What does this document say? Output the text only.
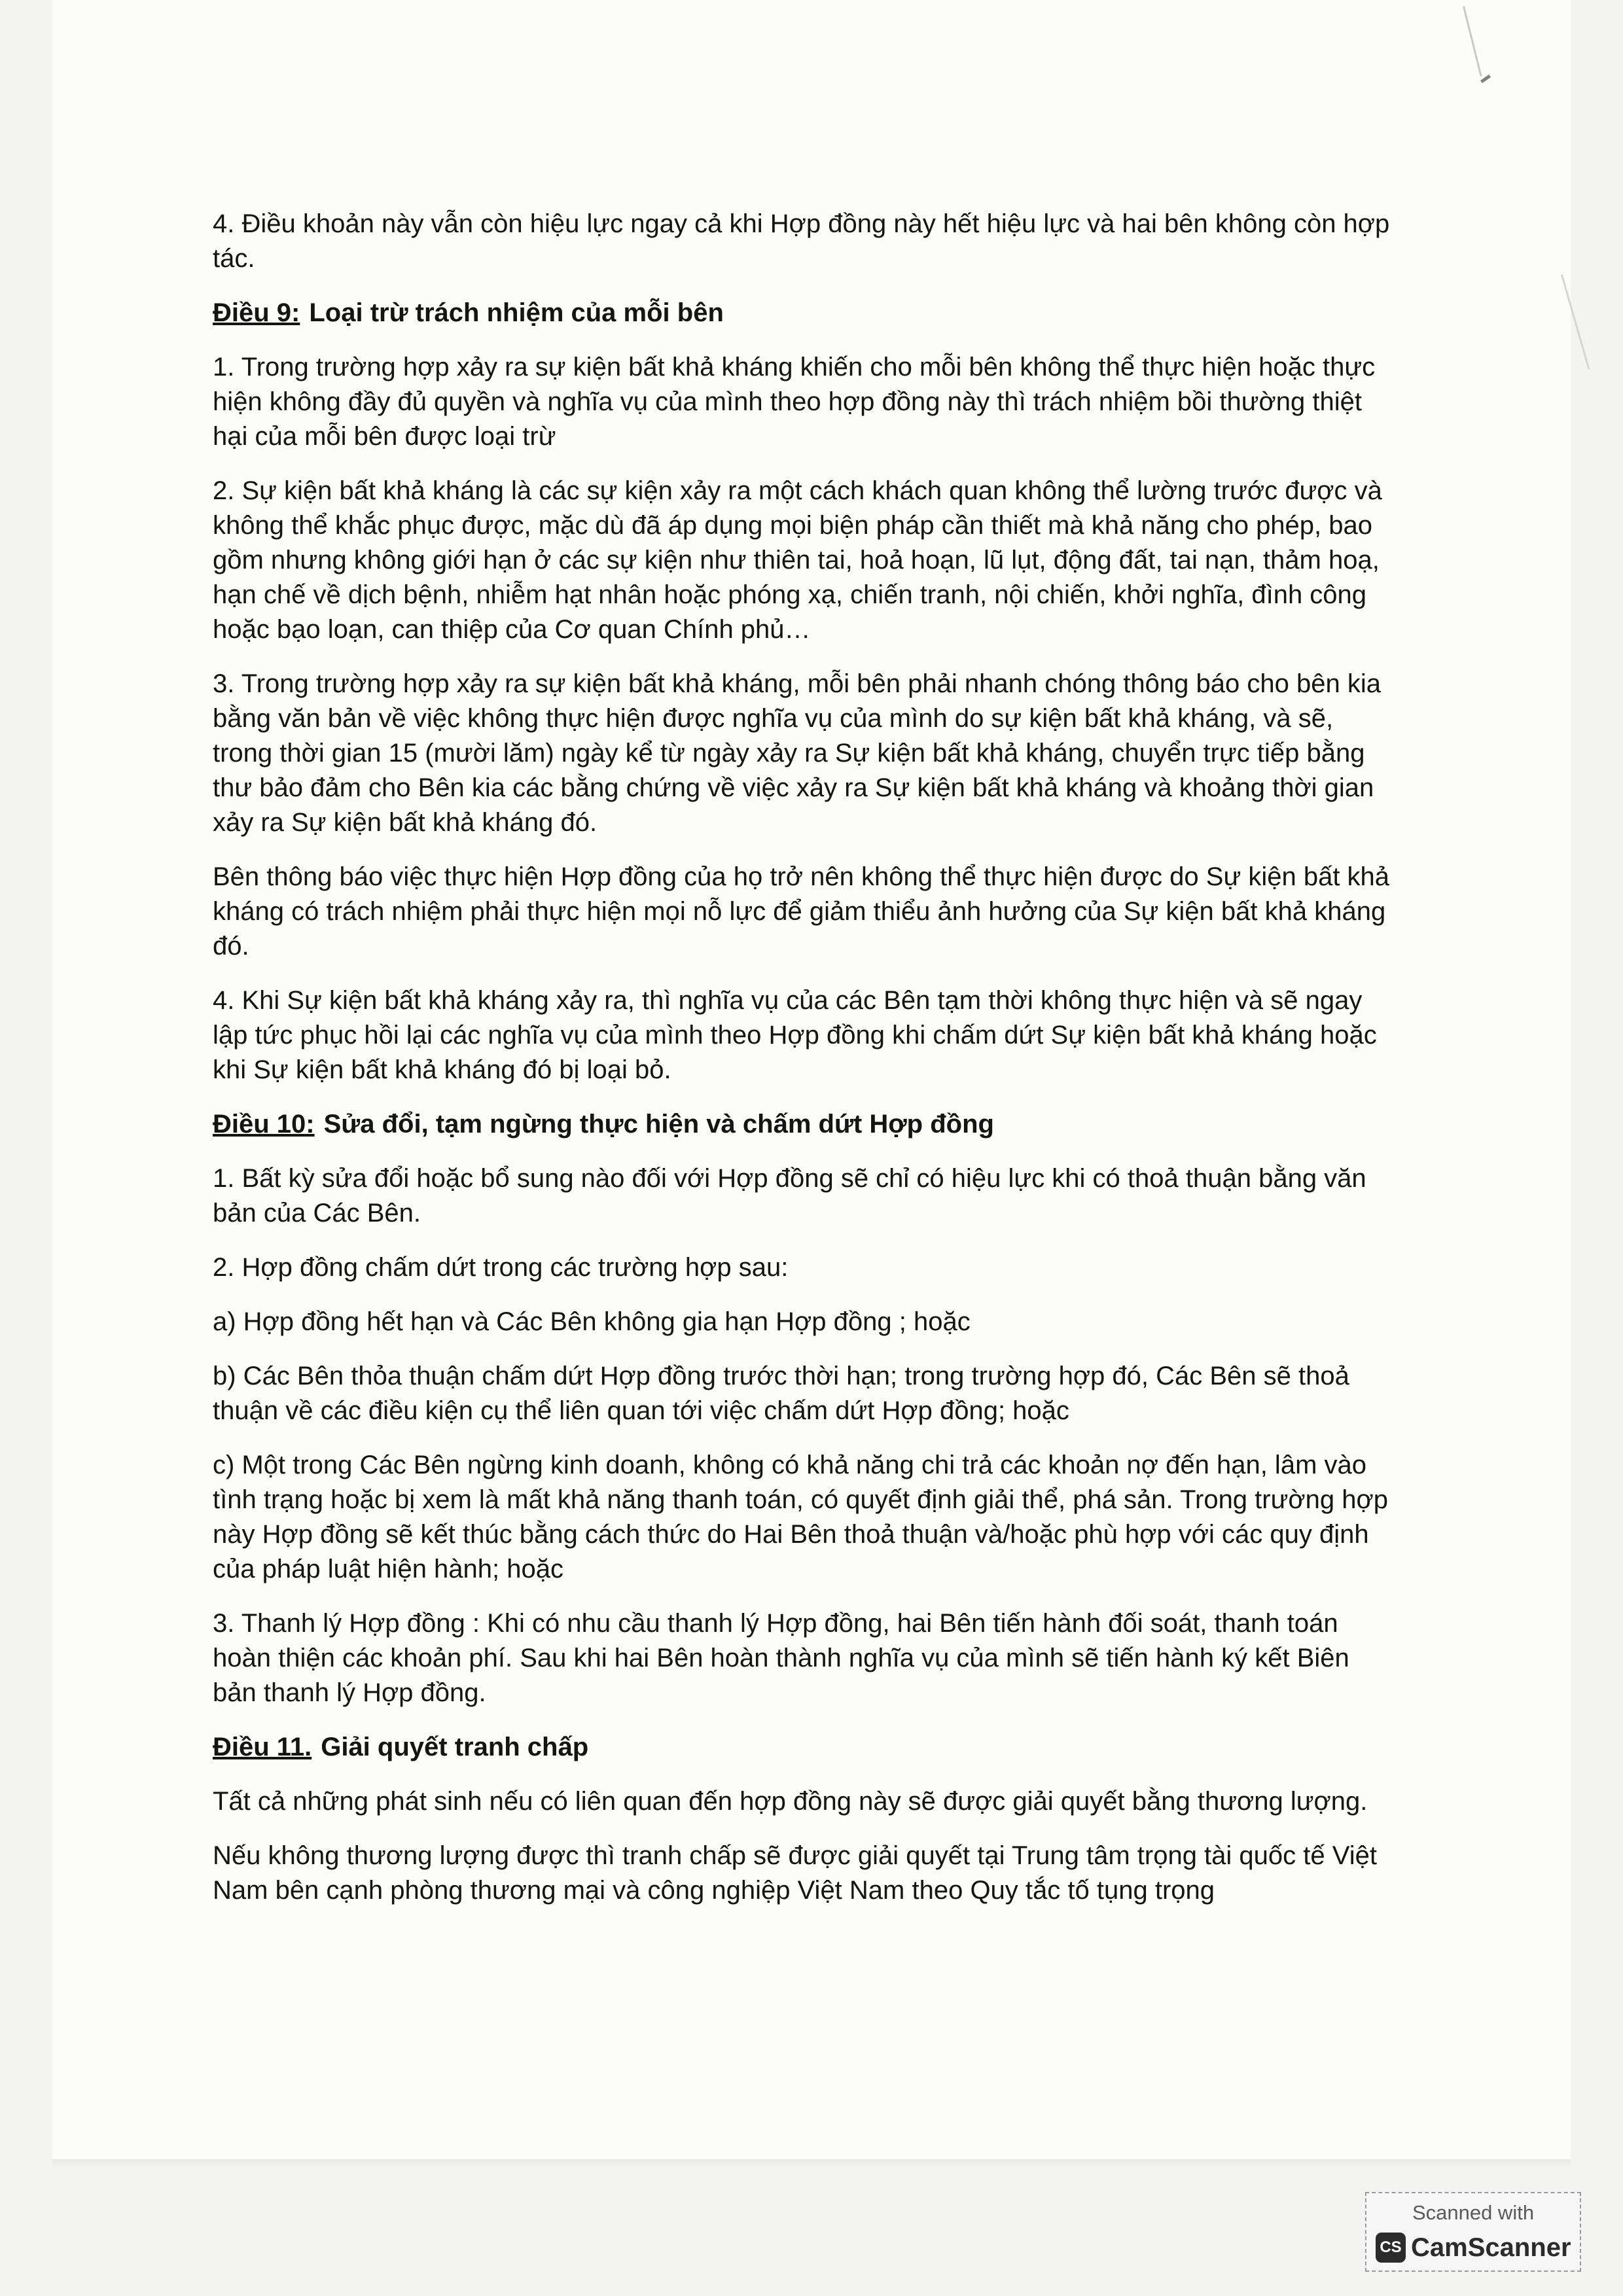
4. Điều khoản này vẫn còn hiệu lực ngay cả khi Hợp đồng này hết hiệu lực và hai bên không còn hợp tác.

Điều 9: Loại trừ trách nhiệm của mỗi bên

1. Trong trường hợp xảy ra sự kiện bất khả kháng khiến cho mỗi bên không thể thực hiện hoặc thực hiện không đầy đủ quyền và nghĩa vụ của mình theo hợp đồng này thì trách nhiệm bồi thường thiệt hại của mỗi bên được loại trừ

2. Sự kiện bất khả kháng là các sự kiện xảy ra một cách khách quan không thể lường trước được và không thể khắc phục được, mặc dù đã áp dụng mọi biện pháp cần thiết mà khả năng cho phép, bao gồm nhưng không giới hạn ở các sự kiện như thiên tai, hoả hoạn, lũ lụt, động đất, tai nạn, thảm hoạ, hạn chế về dịch bệnh, nhiễm hạt nhân hoặc phóng xạ, chiến tranh, nội chiến, khởi nghĩa, đình công hoặc bạo loạn, can thiệp của Cơ quan Chính phủ…

3. Trong trường hợp xảy ra sự kiện bất khả kháng, mỗi bên phải nhanh chóng thông báo cho bên kia bằng văn bản về việc không thực hiện được nghĩa vụ của mình do sự kiện bất khả kháng, và sẽ, trong thời gian 15 (mười lăm) ngày kể từ ngày xảy ra Sự kiện bất khả kháng, chuyển trực tiếp bằng thư bảo đảm cho Bên kia các bằng chứng về việc xảy ra Sự kiện bất khả kháng và khoảng thời gian xảy ra Sự kiện bất khả kháng đó.

Bên thông báo việc thực hiện Hợp đồng của họ trở nên không thể thực hiện được do Sự kiện bất khả kháng có trách nhiệm phải thực hiện mọi nỗ lực để giảm thiểu ảnh hưởng của Sự kiện bất khả kháng đó.

4. Khi Sự kiện bất khả kháng xảy ra, thì nghĩa vụ của các Bên tạm thời không thực hiện và sẽ ngay lập tức phục hồi lại các nghĩa vụ của mình theo Hợp đồng khi chấm dứt Sự kiện bất khả kháng hoặc khi Sự kiện bất khả kháng đó bị loại bỏ.

Điều 10: Sửa đổi, tạm ngừng thực hiện và chấm dứt Hợp đồng

1. Bất kỳ sửa đổi hoặc bổ sung nào đối với Hợp đồng sẽ chỉ có hiệu lực khi có thoả thuận bằng văn bản của Các Bên.

2. Hợp đồng chấm dứt trong các trường hợp sau:

a) Hợp đồng hết hạn và Các Bên không gia hạn Hợp đồng ; hoặc

b) Các Bên thỏa thuận chấm dứt Hợp đồng trước thời hạn; trong trường hợp đó, Các Bên sẽ thoả thuận về các điều kiện cụ thể liên quan tới việc chấm dứt Hợp đồng; hoặc

c) Một trong Các Bên ngừng kinh doanh, không có khả năng chi trả các khoản nợ đến hạn, lâm vào tình trạng hoặc bị xem là mất khả năng thanh toán, có quyết định giải thể, phá sản. Trong trường hợp này Hợp đồng sẽ kết thúc bằng cách thức do Hai Bên thoả thuận và/hoặc phù hợp với các quy định của pháp luật hiện hành; hoặc

3. Thanh lý Hợp đồng : Khi có nhu cầu thanh lý Hợp đồng, hai Bên tiến hành đối soát, thanh toán hoàn thiện các khoản phí. Sau khi hai Bên hoàn thành nghĩa vụ của mình sẽ tiến hành ký kết Biên bản thanh lý Hợp đồng.

Điều 11. Giải quyết tranh chấp

Tất cả những phát sinh nếu có liên quan đến hợp đồng này sẽ được giải quyết bằng thương lượng.

Nếu không thương lượng được thì tranh chấp sẽ được giải quyết tại Trung tâm trọng tài quốc tế Việt Nam bên cạnh phòng thương mại và công nghiệp Việt Nam theo Quy tắc tố tụng trọng

Scanned with
CS CamScanner
